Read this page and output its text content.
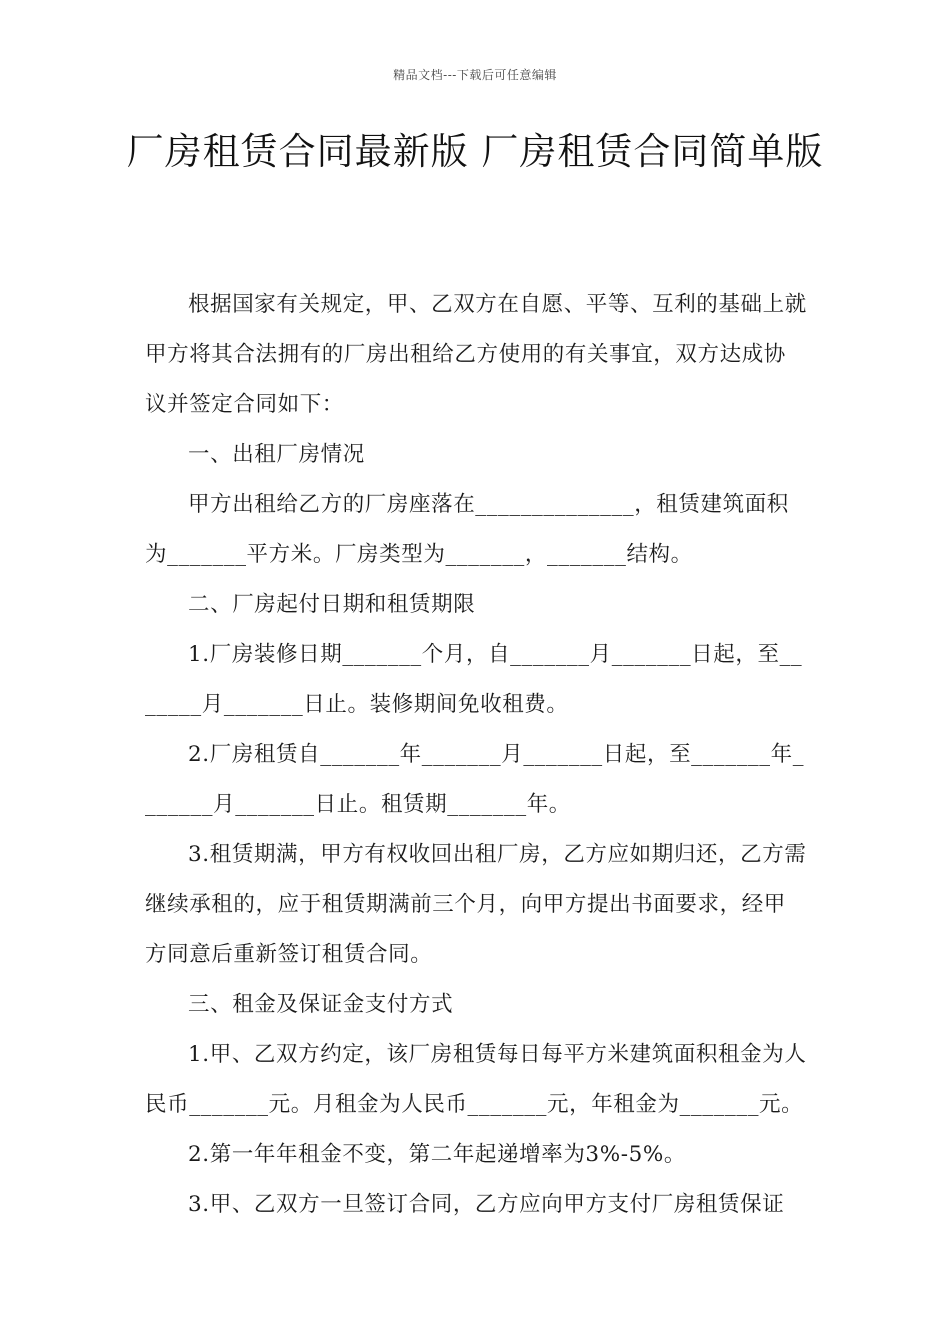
精品文档---下载后可任意编辑
厂房租赁合同最新版 厂房租赁合同简单版

根据国家有关规定，甲、乙双方在自愿、平等、互利的基础上就甲方将其合法拥有的厂房出租给乙方使用的有关事宜，双方达成协议并签定合同如下：

一、出租厂房情况

甲方出租给乙方的厂房座落在______________，租赁建筑面积为_______平方米。厂房类型为_______，_______结构。

二、厂房起付日期和租赁期限

1.厂房装修日期_______个月，自_______月_______日起，至_______月_______日止。装修期间免收租费。

2.厂房租赁自_______年_______月_______日起，至_______年_______月_______日止。租赁期_______年。

3.租赁期满，甲方有权收回出租厂房，乙方应如期归还，乙方需继续承租的，应于租赁期满前三个月，向甲方提出书面要求，经甲方同意后重新签订租赁合同。

三、租金及保证金支付方式

1.甲、乙双方约定，该厂房租赁每日每平方米建筑面积租金为人民币_______元。月租金为人民币_______元，年租金为_______元。

2.第一年年租金不变，第二年起递增率为3%-5%。

3.甲、乙双方一旦签订合同，乙方应向甲方支付厂房租赁保证
